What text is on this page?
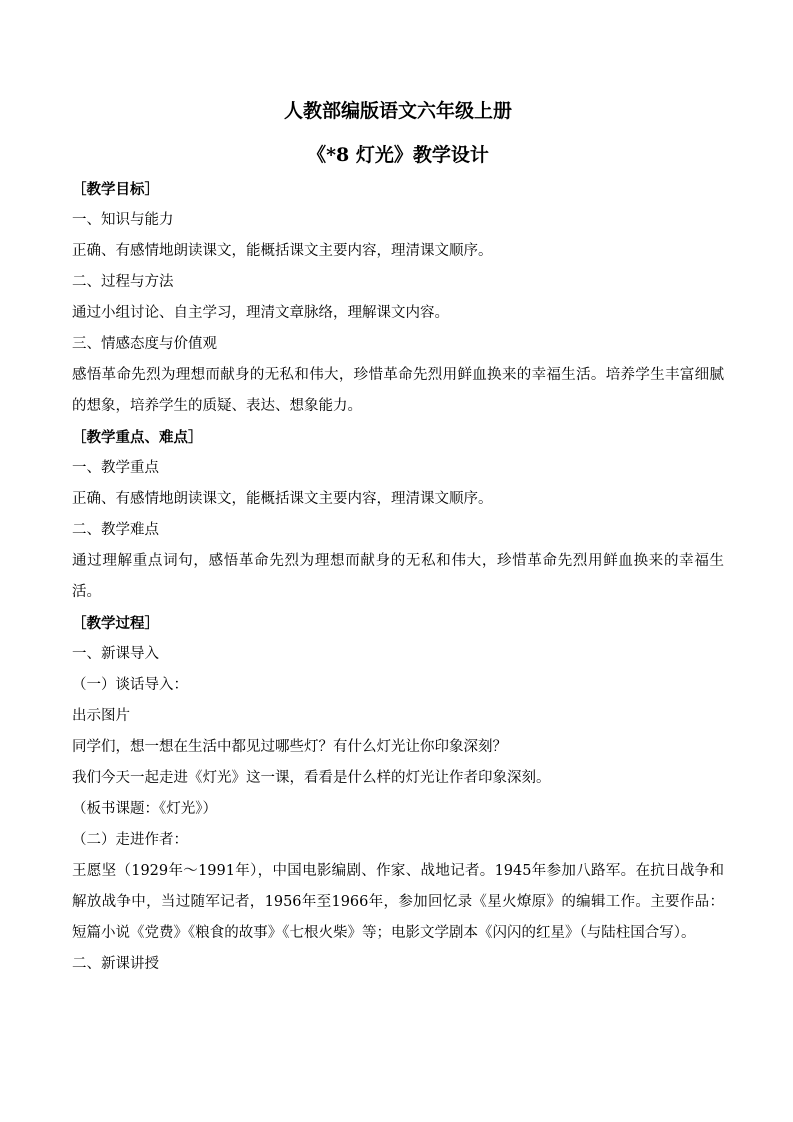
人教部编版语文六年级上册
《*8 灯光》教学设计
［教学目标］
一、知识与能力
正确、有感情地朗读课文，能概括课文主要内容，理清课文顺序。
二、过程与方法
通过小组讨论、自主学习，理清文章脉络，理解课文内容。
三、情感态度与价值观
感悟革命先烈为理想而献身的无私和伟大，珍惜革命先烈用鲜血换来的幸福生活。培养学生丰富细腻的想象，培养学生的质疑、表达、想象能力。
［教学重点、难点］
一、教学重点
正确、有感情地朗读课文，能概括课文主要内容，理清课文顺序。
二、教学难点
通过理解重点词句，感悟革命先烈为理想而献身的无私和伟大，珍惜革命先烈用鲜血换来的幸福生活。
［教学过程］
一、新课导入
（一）谈话导入：
出示图片
同学们，想一想在生活中都见过哪些灯？有什么灯光让你印象深刻？
我们今天一起走进《灯光》这一课，看看是什么样的灯光让作者印象深刻。
（板书课题：《灯光》）
（二）走进作者：
王愿坚（1929年～1991年），中国电影编剧、作家、战地记者。1945年参加八路军。在抗日战争和解放战争中，当过随军记者，1956年至1966年，参加回忆录《星火燎原》的编辑工作。主要作品：短篇小说《党费》《粮食的故事》《七根火柴》等；电影文学剧本《闪闪的红星》（与陆柱国合写）。
二、新课讲授
